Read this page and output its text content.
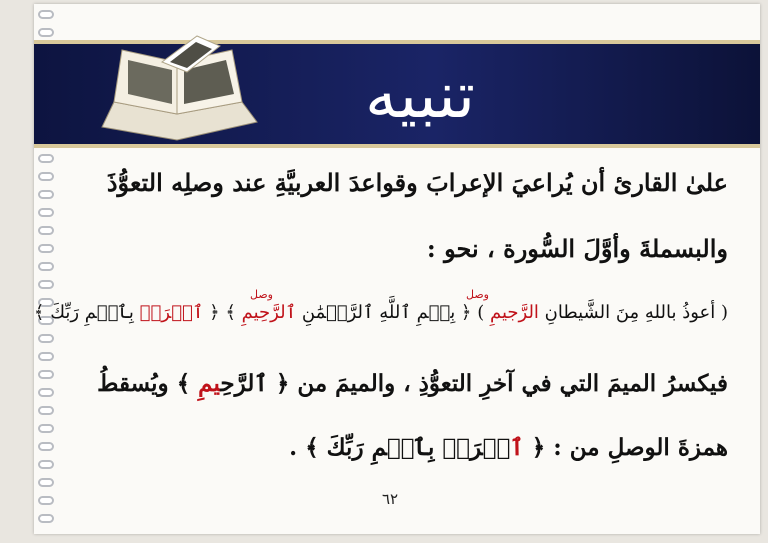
تنبيه
علىٰ القارئ أن يُراعيَ الإعرابَ وقواعدَ العربيَّةِ عند وصلِه التعوُّذَ
والبسملةَ وأوَّلَ السُّورة ، نحو :
( أعوذُ باللهِ مِنَ الشَّيطانِ الرَّجيمِ ) ﴿ بِسۡمِ ٱللَّهِ ٱلرَّحۡمَٰنِ ٱلرَّحِيمِ ﴾ ﴿ ٱقۡرَأۡ بِٱسۡمِ رَبِّكَ ﴾
وصل
وصل
فيكسرُ الميمَ التي في آخرِ التعوُّذِ ، والميمَ من ﴿ ٱلرَّحِيمِ ﴾ ويُسقطُ
همزةَ الوصلِ من : ﴿ ٱقۡرَأۡ بِٱسۡمِ رَبِّكَ ﴾ .
٦٢
